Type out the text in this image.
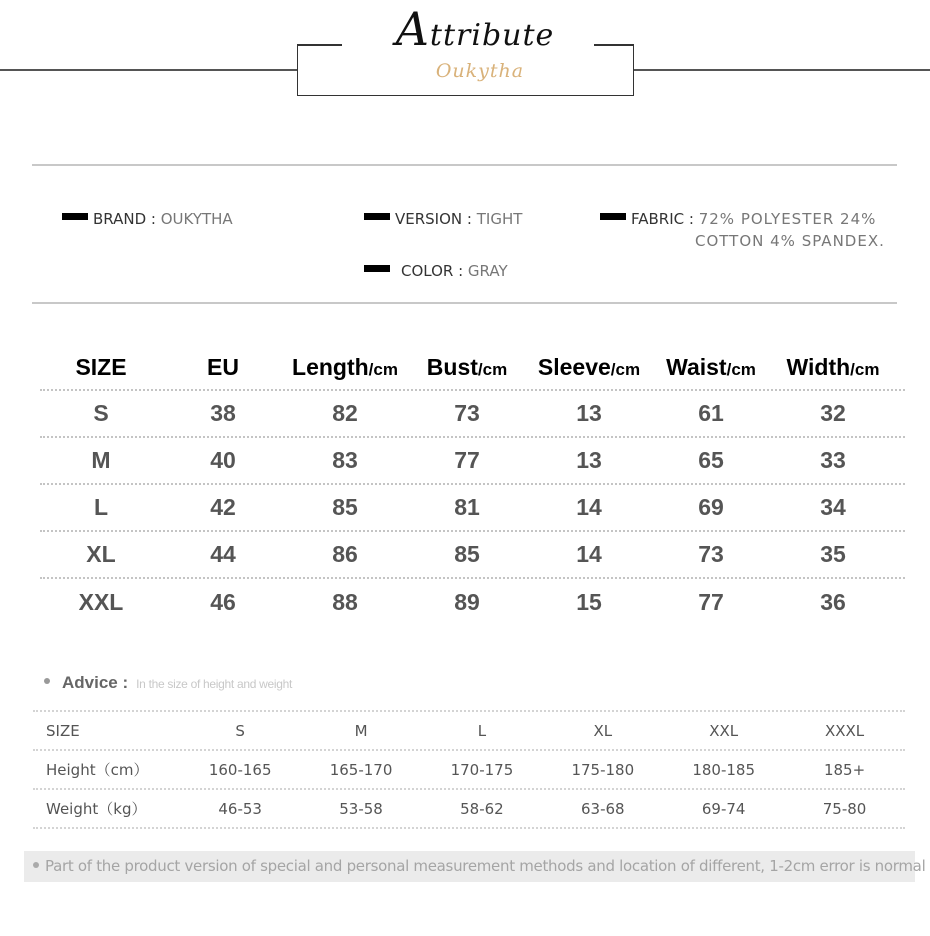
Attribute
Oukytha
BRAND : OUKYTHA	VERSION : TIGHT	FABRIC : 72% POLYESTER 24%
COTTON 4% SPANDEX.
COLOR : GRAY
SIZE	EU	Length/cm	Bust/cm	Sleeve/cm	Waist/cm	Width/cm
S	38	82	73	13	61	32
M	40	83	77	13	65	33
L	42	85	81	14	69	34
XL	44	86	85	14	73	35
XXL	46	88	89	15	77	36
Advice : In the size of height and weight
SIZE	S	M	L	XL	XXL	XXXL
Height（cm）	160-165	165-170	170-175	175-180	180-185	185+
Weight（kg）	46-53	53-58	58-62	63-68	69-74	75-80
Part of the product version of special and personal measurement methods and location of different, 1-2cm error is normal
